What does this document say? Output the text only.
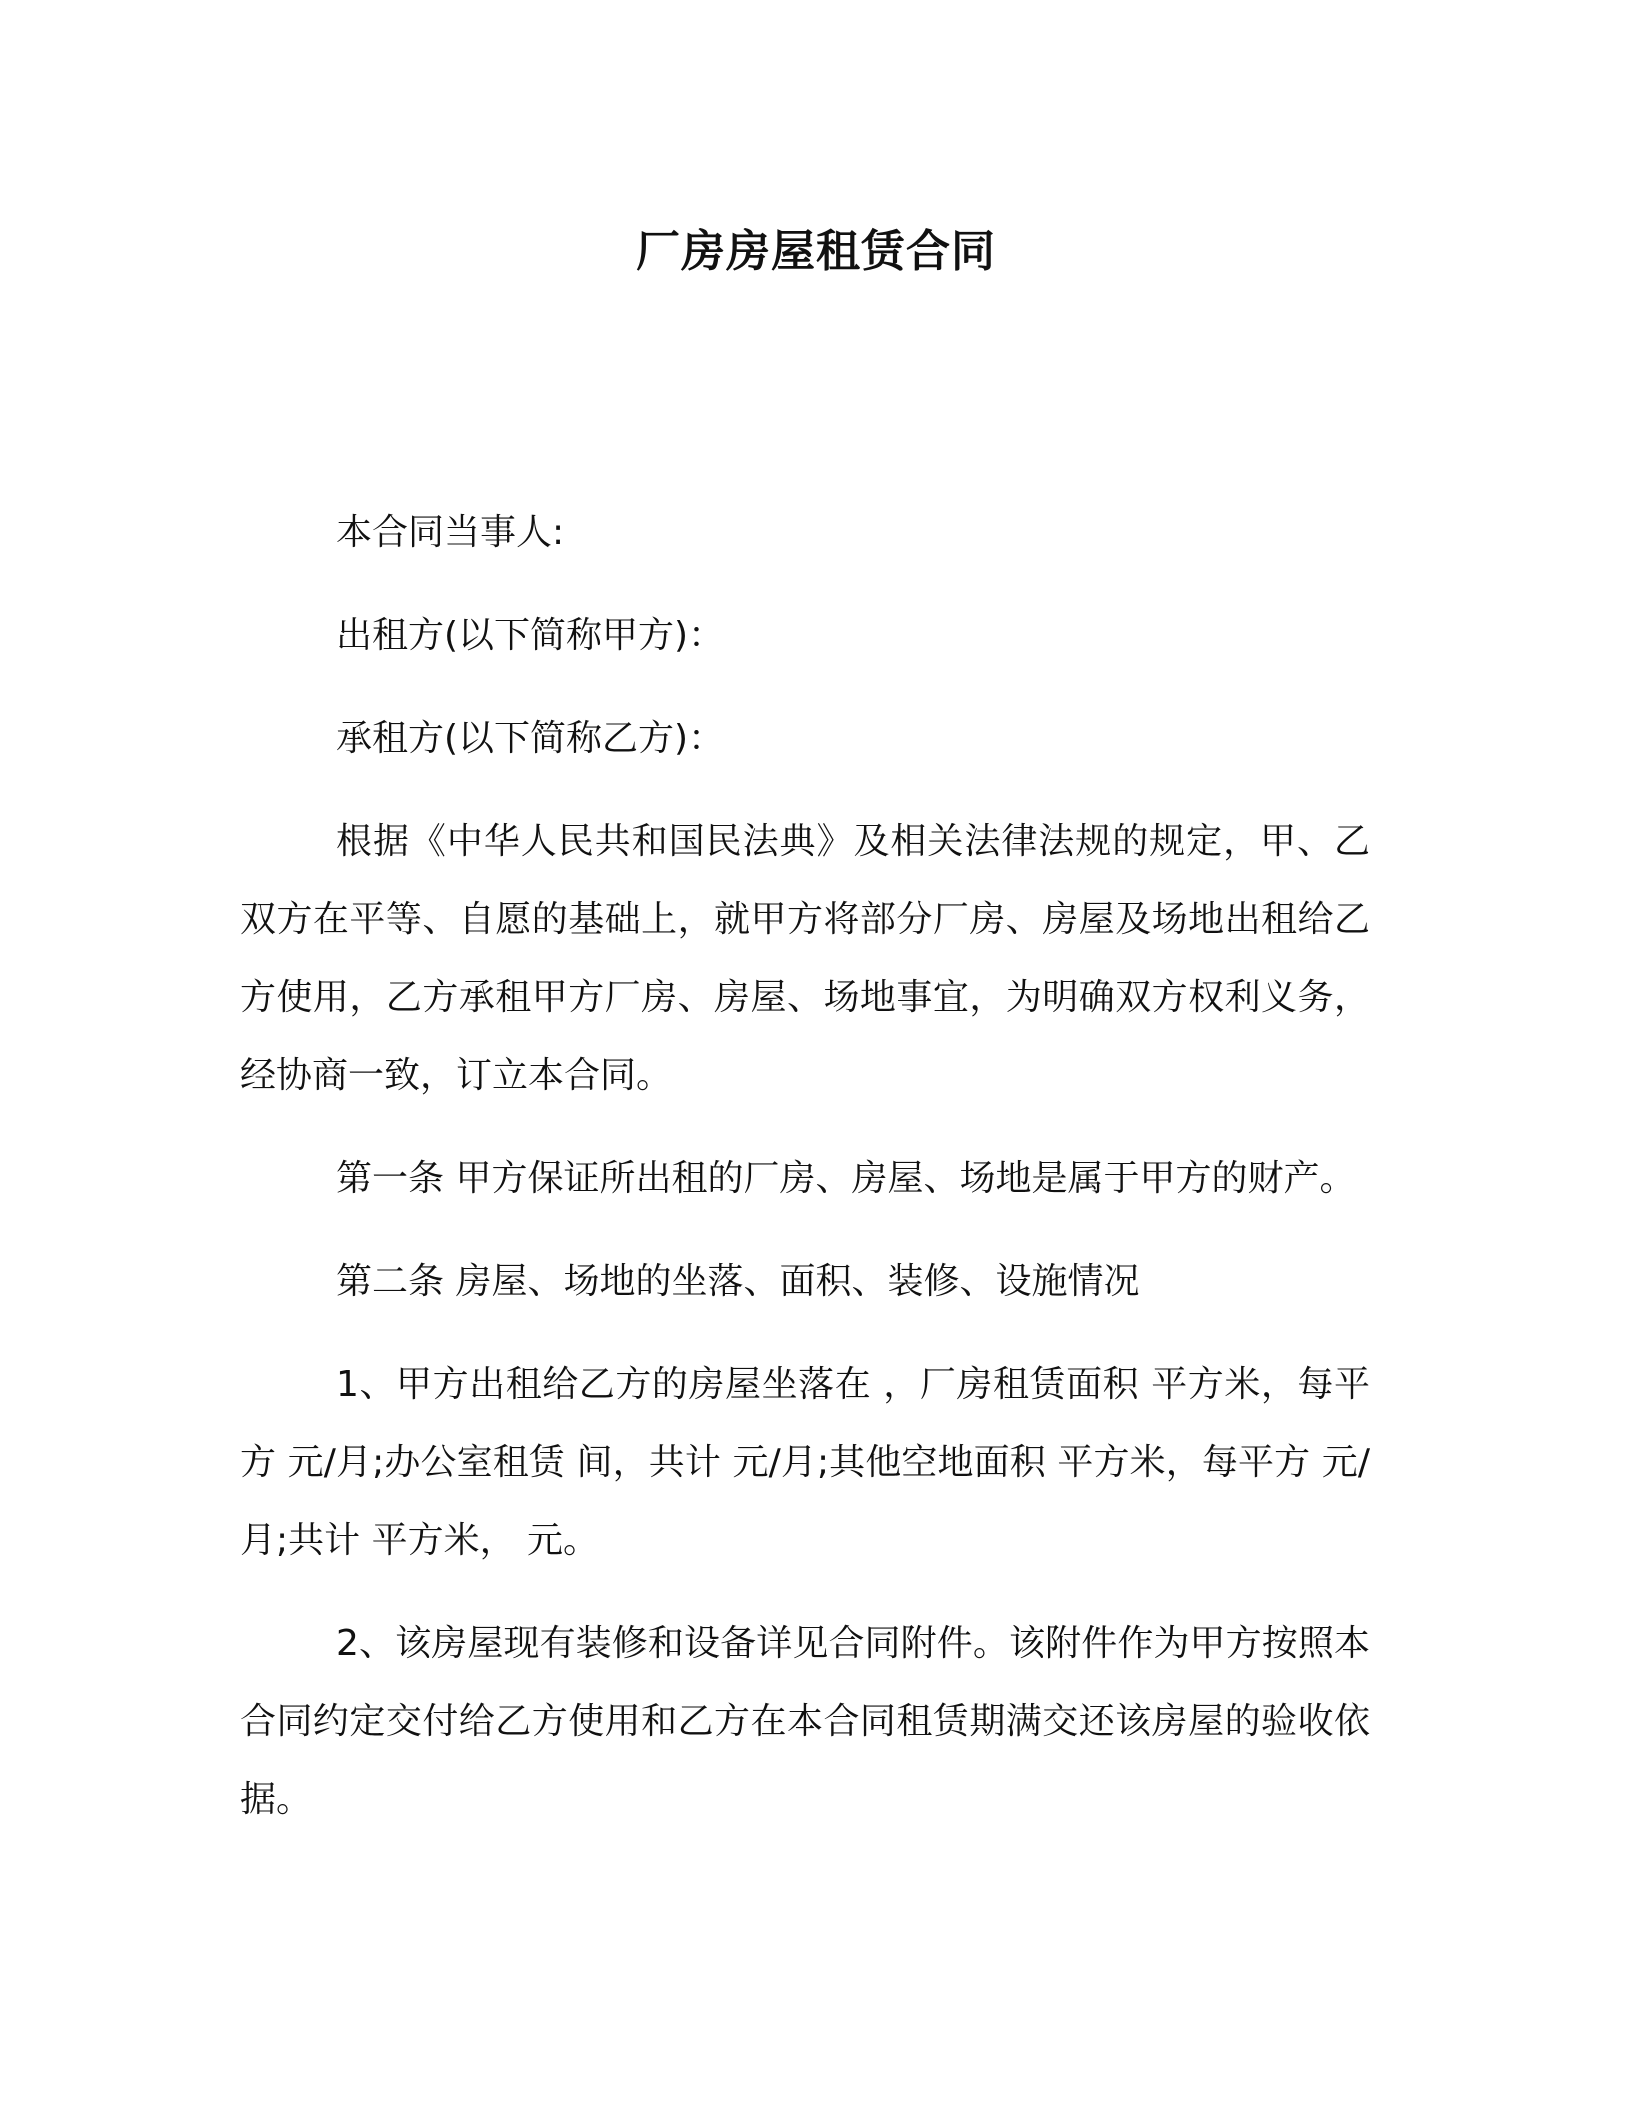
厂房房屋租赁合同

本合同当事人:

出租方(以下简称甲方)：

承租方(以下简称乙方)：

根据《中华人民共和国民法典》及相关法律法规的规定，甲、乙双方在平等、自愿的基础上，就甲方将部分厂房、房屋及场地出租给乙方使用，乙方承租甲方厂房、房屋、场地事宜，为明确双方权利义务，经协商一致，订立本合同。

第一条 甲方保证所出租的厂房、房屋、场地是属于甲方的财产。

第二条 房屋、场地的坐落、面积、装修、设施情况

1、甲方出租给乙方的房屋坐落在 ，厂房租赁面积 平方米，每平方 元/月;办公室租赁 间，共计 元/月;其他空地面积 平方米，每平方 元/月;共计 平方米， 元。

2、该房屋现有装修和设备详见合同附件。该附件作为甲方按照本合同约定交付给乙方使用和乙方在本合同租赁期满交还该房屋的验收依据。
